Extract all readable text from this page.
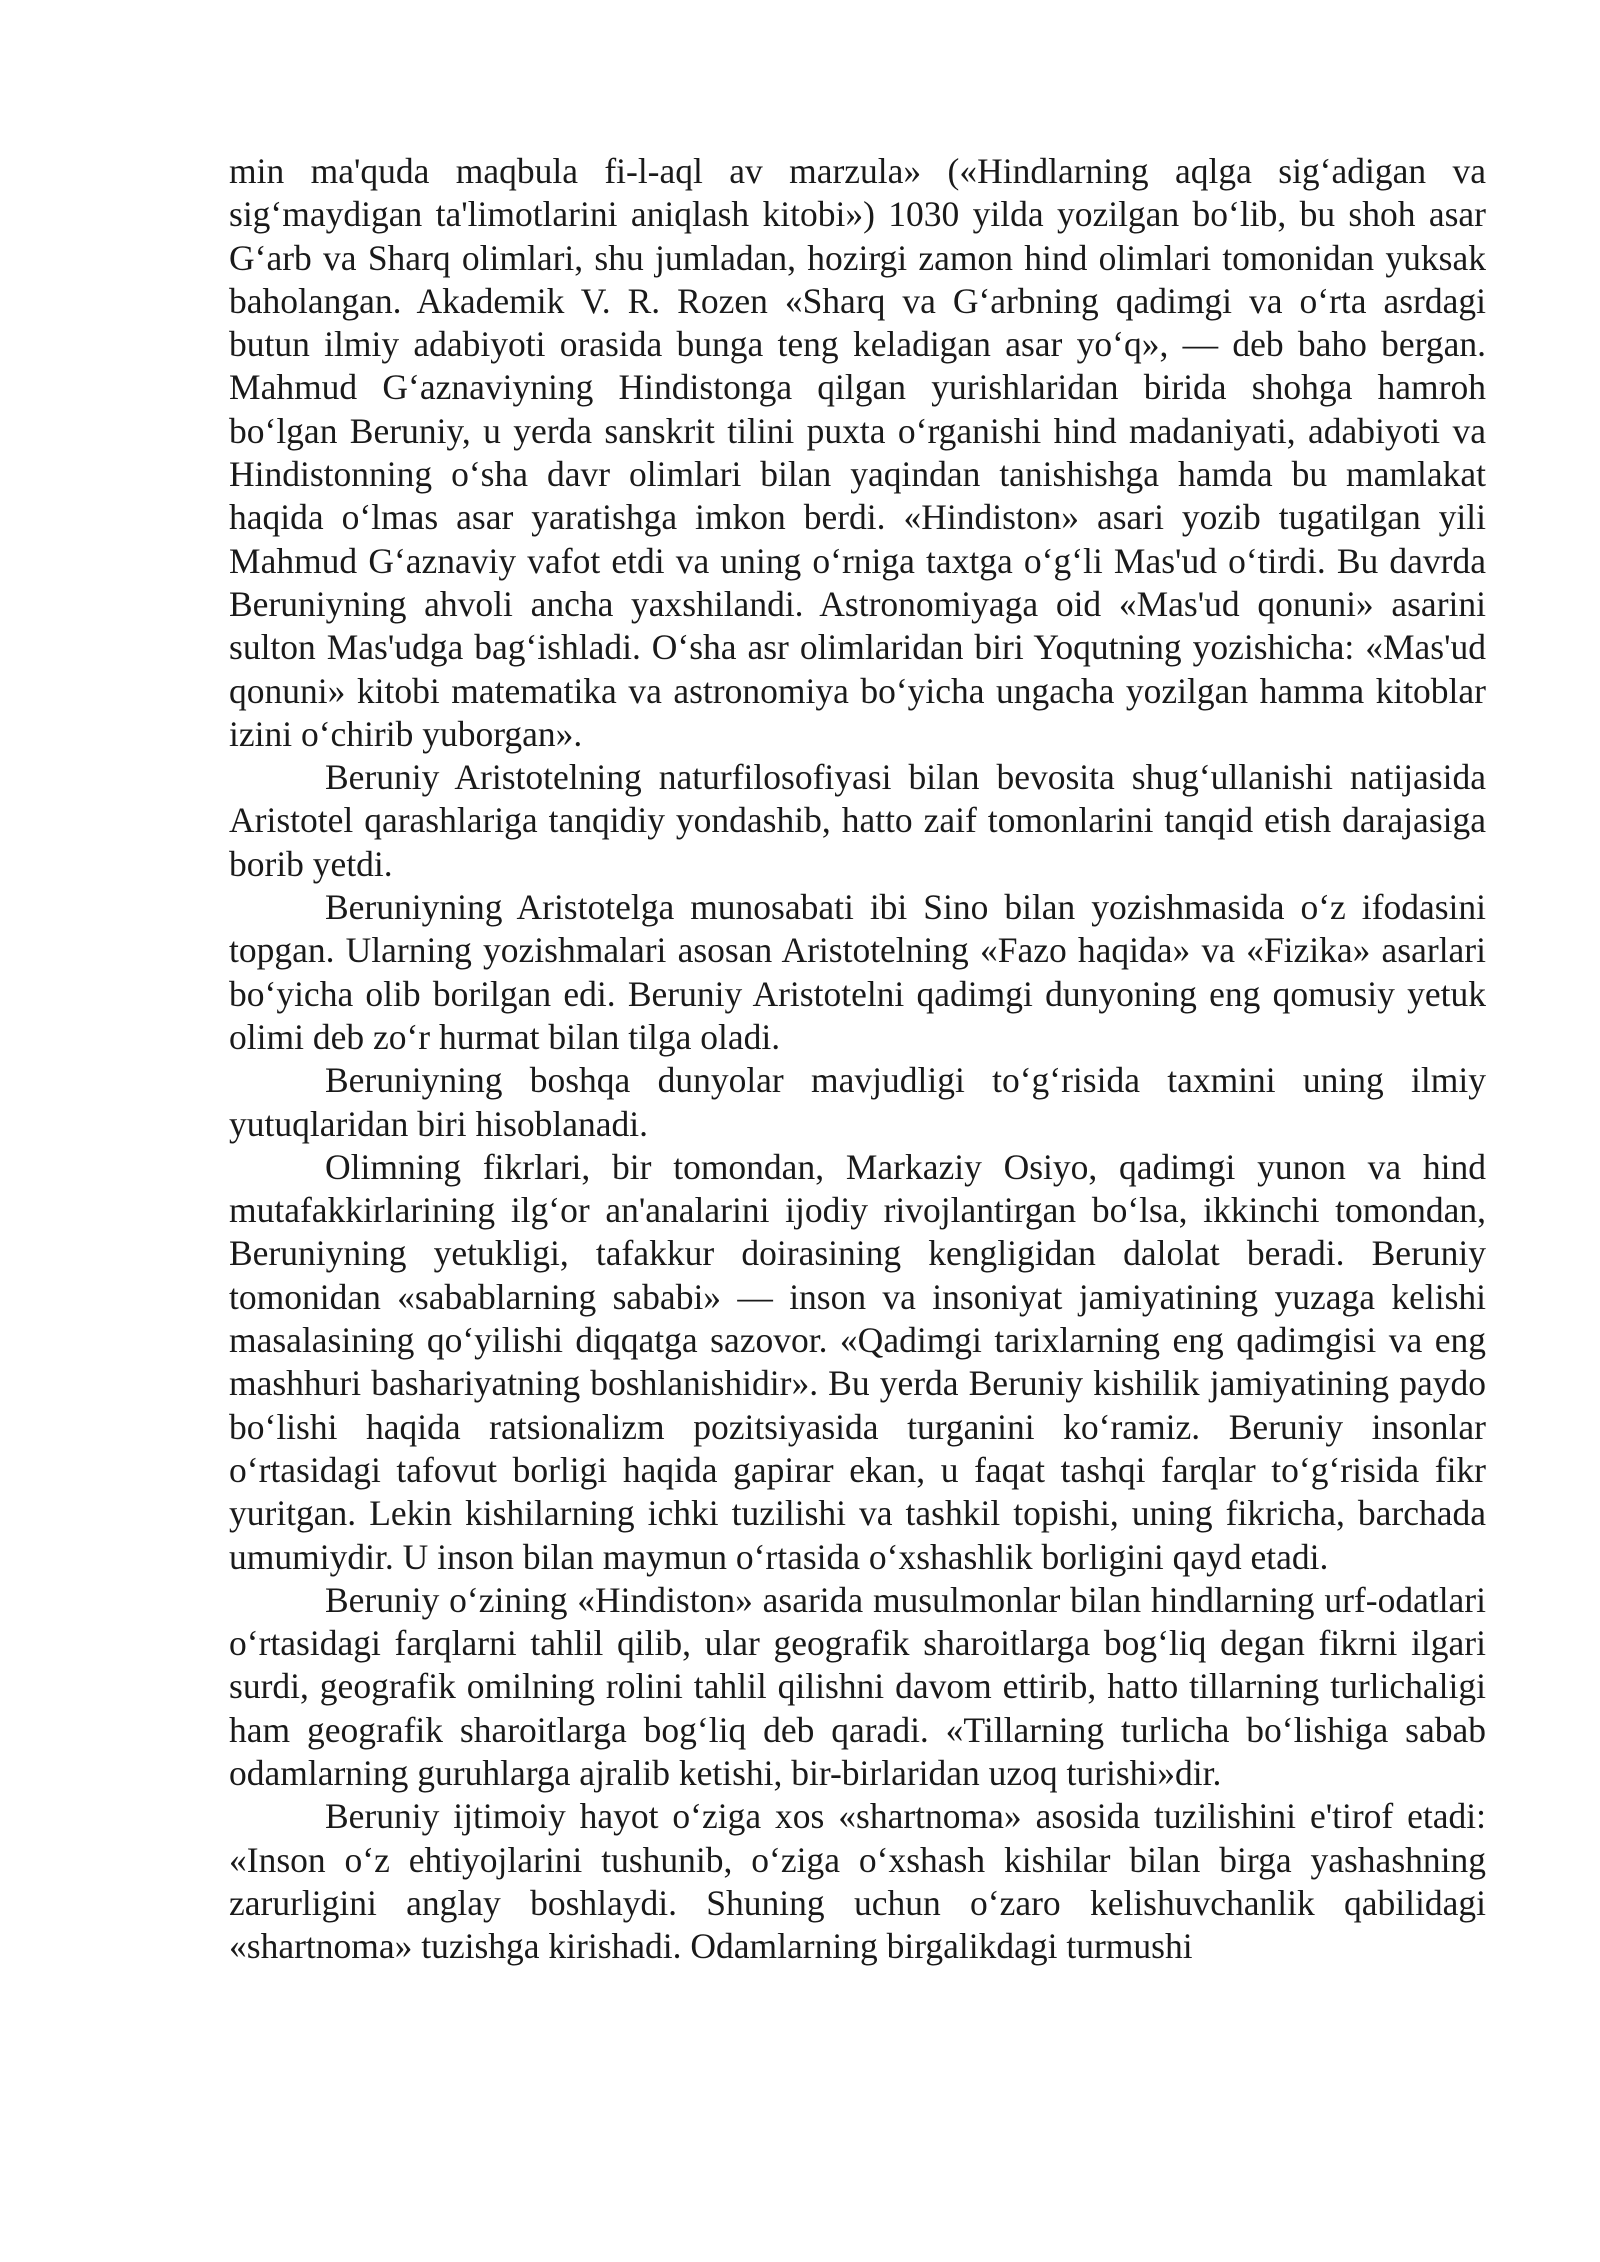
min ma'quda maqbula fi-l-aql av marzula» («Hindlarning aqlga sig‘adigan va sig‘maydigan ta'limotlarini aniqlash kitobi») 1030 yilda yozilgan bo‘lib, bu shoh asar G‘arb va Sharq olimlari, shu jumladan, hozirgi zamon hind olimlari tomonidan yuksak baholangan. Akademik V. R. Rozen «Sharq va G‘arbning qadimgi va o‘rta asrdagi butun ilmiy adabiyoti orasida bunga teng keladigan asar yo‘q», — deb baho bergan. Mahmud G‘aznaviyning Hindistonga qilgan yurishlaridan birida shohga hamroh bo‘lgan Beruniy, u yerda sanskrit tilini puxta o‘rganishi hind madaniyati, adabiyoti va Hindistonning o‘sha davr olimlari bilan yaqindan tanishishga hamda bu mamlakat haqida o‘lmas asar yaratishga imkon berdi. «Hindiston» asari yozib tugatilgan yili Mahmud G‘aznaviy vafot etdi va uning o‘rniga taxtga o‘g‘li Mas'ud o‘tirdi. Bu davrda Beruniyning ahvoli ancha yaxshilandi. Astronomiyaga oid «Mas'ud qonuni» asarini sulton Mas'udga bag‘ishladi. O‘sha asr olimlaridan biri Yoqutning yozishicha: «Mas'ud qonuni» kitobi matematika va astronomiya bo‘yicha ungacha yozilgan hamma kitoblar izini o‘chirib yuborgan».

Beruniy Aristotelning naturfilosofiyasi bilan bevosita shug‘ullanishi natijasida Aristotel qarashlariga tanqidiy yondashib, hatto zaif tomonlarini tanqid etish darajasiga borib yetdi.

Beruniyning Aristotelga munosabati ibi Sino bilan yozishmasida o‘z ifodasini topgan. Ularning yozishmalari asosan Aristotelning «Fazo haqida» va «Fizika» asarlari bo‘yicha olib borilgan edi. Beruniy Aristotelni qadimgi dunyoning eng qomusiy yetuk olimi deb zo‘r hurmat bilan tilga oladi.

Beruniyning boshqa dunyolar mavjudligi to‘g‘risida taxmini uning ilmiy yutuqlaridan biri hisoblanadi.

Olimning fikrlari, bir tomondan, Markaziy Osiyo, qadimgi yunon va hind mutafakkirlarining ilg‘or an'analarini ijodiy rivojlantirgan bo‘lsa, ikkinchi tomondan, Beruniyning yetukligi, tafakkur doirasining kengligidan dalolat beradi. Beruniy tomonidan «sabablarning sababi» — inson va insoniyat jamiyatining yuzaga kelishi masalasining qo‘yilishi diqqatga sazovor. «Qadimgi tarixlarning eng qadimgisi va eng mashhuri bashariyatning boshlanishidir». Bu yerda Beruniy kishilik jamiyatining paydo bo‘lishi haqida ratsionalizm pozitsiyasida turganini ko‘ramiz. Beruniy insonlar o‘rtasidagi tafovut borligi haqida gapirar ekan, u faqat tashqi farqlar to‘g‘risida fikr yuritgan. Lekin kishilarning ichki tuzilishi va tashkil topishi, uning fikricha, barchada umumiydir. U inson bilan maymun o‘rtasida o‘xshashlik borligini qayd etadi.

Beruniy o‘zining «Hindiston» asarida musulmonlar bilan hindlarning urf-odatlari o‘rtasidagi farqlarni tahlil qilib, ular geografik sharoitlarga bog‘liq degan fikrni ilgari surdi, geografik omilning rolini tahlil qilishni davom ettirib, hatto tillarning turlichaligi ham geografik sharoitlarga bog‘liq deb qaradi. «Tillarning turlicha bo‘lishiga sabab odamlarning guruhlarga ajralib ketishi, bir-birlaridan uzoq turishi»dir.

Beruniy ijtimoiy hayot o‘ziga xos «shartnoma» asosida tuzilishini e'tirof etadi: «Inson o‘z ehtiyojlarini tushunib, o‘ziga o‘xshash kishilar bilan birga yashashning zarurligini anglay boshlaydi. Shuning uchun o‘zaro kelishuvchanlik qabilidagi «shartnoma» tuzishga kirishadi. Odamlarning birgalikdagi turmushi
